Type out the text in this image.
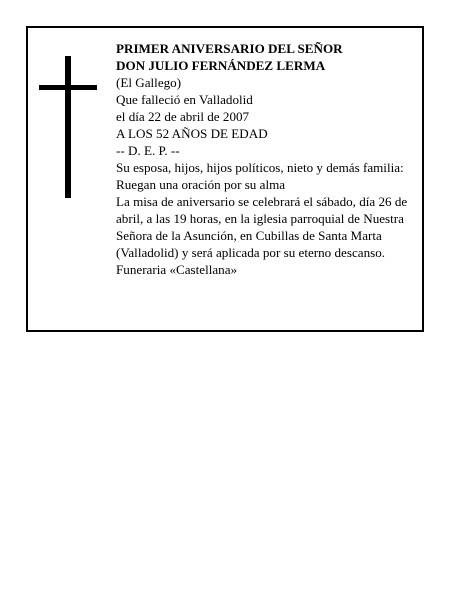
PRIMER ANIVERSARIO DEL SEÑOR
DON JULIO FERNÁNDEZ LERMA
(El Gallego)
Que falleció en Valladolid
el día 22 de abril de 2007
A LOS 52 AÑOS DE EDAD
-- D. E. P. --
Su esposa, hijos, hijos políticos, nieto y demás familia:
Ruegan una oración por su alma
La misa de aniversario se celebrará el sábado, día 26 de
abril, a las 19 horas, en la iglesia parroquial de Nuestra
Señora de la Asunción, en Cubillas de Santa Marta
(Valladolid) y será aplicada por su eterno descanso.
Funeraria «Castellana»
